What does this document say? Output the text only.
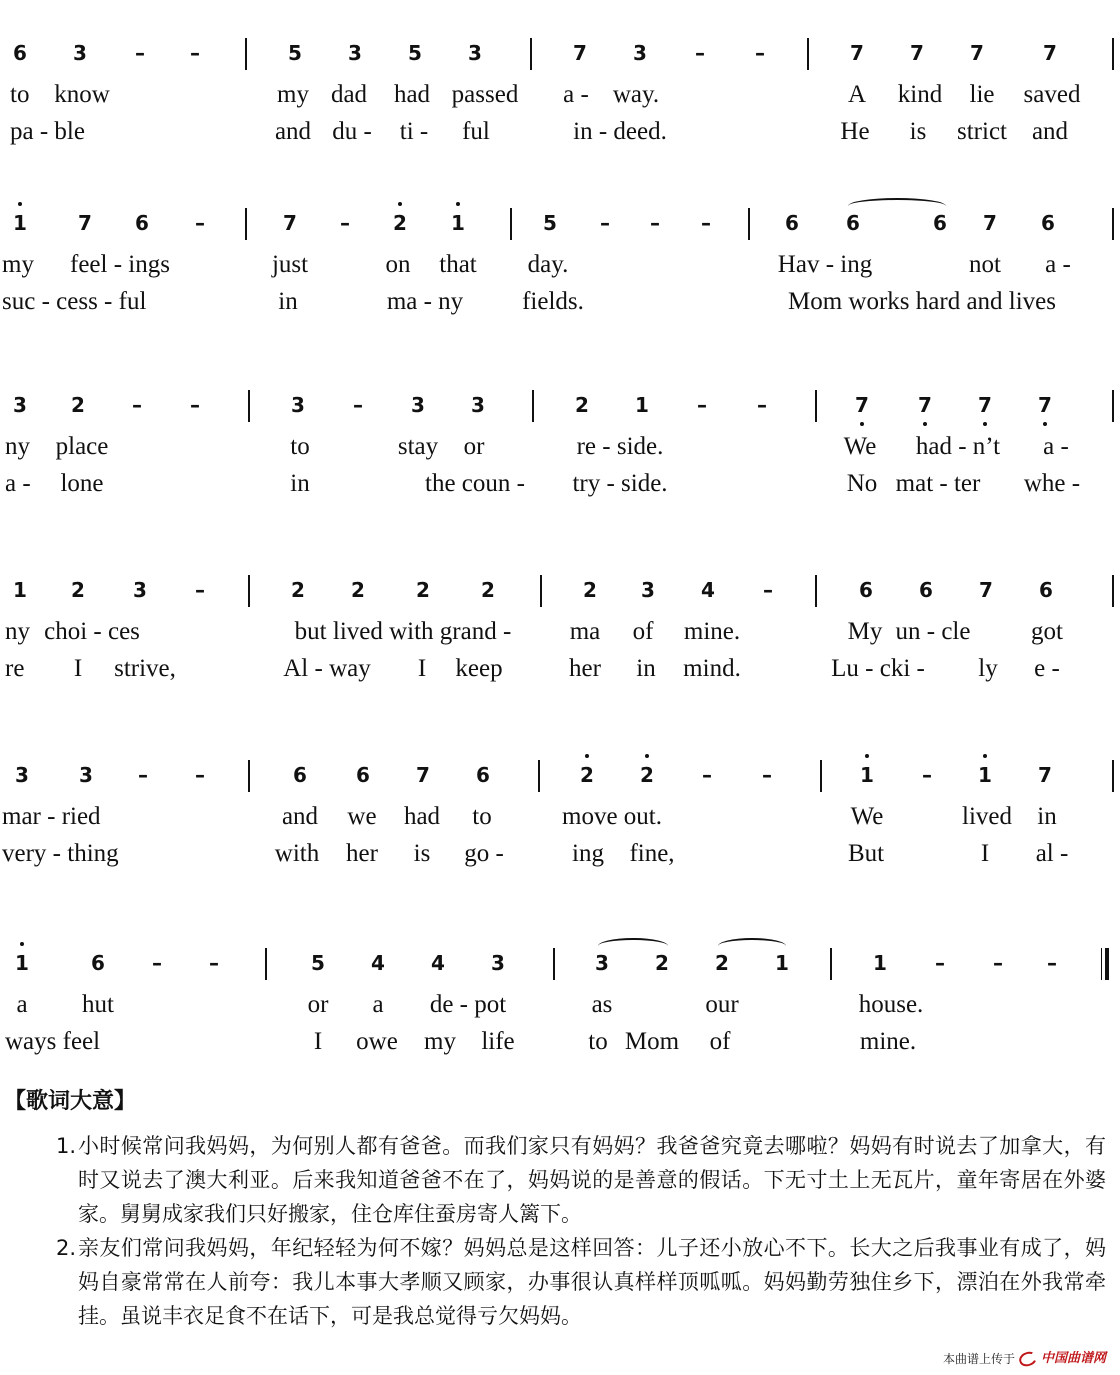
6	3	–	–	5	3	5	3	7	3	–	–	7	7	7	7
to know	my dad had passed a - way.	A kind lie saved
pa - ble	and du - ti - ful	in - deed.	He is strict and
1	7	6	–	7	–	2	1	5	–	–	–	6	6	6	7	6
my feel - ings	just	on that day.	Hav - ing	not a -
suc - cess - ful	in	ma - ny fields.	Mom works hard and lives
3	2	–	–	3	–	3	3	2	1	–	–	7	7	7	7
ny place	to	stay or	re - side.	We had - n’t a -
a - lone	in	the coun - try - side.	No mat - ter whe -
1	2	3	–	2	2	2	2	2	3	4	–	6	6	7	6
ny choi - ces	but lived with grand - ma of mine.	My un - cle got
re I strive,	Al - way I keep	her in mind.	Lu - cki - ly e -
3	3	–	–	6	6	7	6	2	2	–	–	1	–	1	7
mar - ried	and we had to	move out.	We	lived in
very - thing	with her is go -	ing fine,	But	I al -
1	6	–	–	5	4	4	3	3	2	2	1	1	–	–	–
a hut	or a de - pot	as	our	house.
ways feel	I owe my life	to Mom of	mine.
【歌词大意】
1. 小时候常问我妈妈，为何别人都有爸爸。而我们家只有妈妈？我爸爸究竟去哪啦？妈妈有时说去了加拿大，有时又说去了澳大利亚。后来我知道爸爸不在了，妈妈说的是善意的假话。下无寸土上无瓦片，童年寄居在外婆家。舅舅成家我们只好搬家，住仓库住蚕房寄人篱下。
2. 亲友们常问我妈妈，年纪轻轻为何不嫁？妈妈总是这样回答：儿子还小放心不下。长大之后我事业有成了，妈妈自豪常常在人前夸：我儿本事大孝顺又顾家，办事很认真样样顶呱呱。妈妈勤劳独住乡下，漂泊在外我常牵挂。虽说丰衣足食不在话下，可是我总觉得亏欠妈妈。
本曲谱上传于 中国曲谱网
